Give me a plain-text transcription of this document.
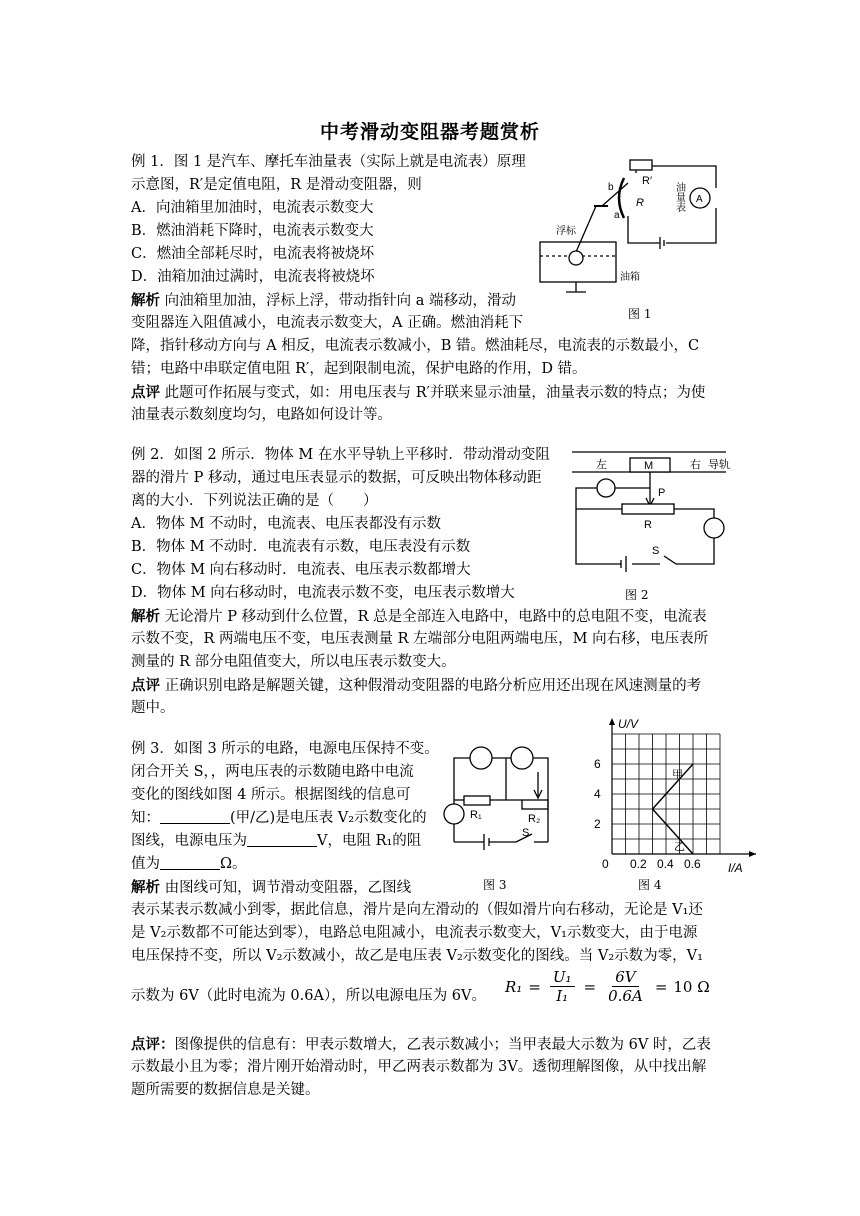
中考滑动变阻器考题赏析
例 1．图 1 是汽车、摩托车油量表（实际上就是电流表）原理
示意图，R′是定值电阻，R 是滑动变阻器，则
A．向油箱里加油时，电流表示数变大
B．燃油消耗下降时，电流表示数变大
C．燃油全部耗尽时，电流表将被烧坏
D．油箱加油过满时，电流表将被烧坏
解析 向油箱里加油，浮标上浮，带动指针向 a 端移动，滑动
变阻器连入阻值减小，电流表示数变大，A 正确。燃油消耗下
降，指针移动方向与 A 相反，电流表示数减小，B 错。燃油耗尽，电流表的示数最小，C
错；电路中串联定值电阻 R′，起到限制电流，保护电路的作用，D 错。
点评 此题可作拓展与变式，如：用电压表与 R′并联来显示油量，油量表示数的特点；为使
油量表示数刻度均匀，电路如何设计等。
R′
R
b
a
浮标
油箱
油量表 A
图 1
例 2．如图 2 所示．物体 M 在水平导轨上平移时．带动滑动变阻
器的滑片 P 移动，通过电压表显示的数据，可反映出物体移动距
离的大小．下列说法正确的是（　　）
A．物体 M 不动时，电流表、电压表都没有示数
B．物体 M 不动时．电流表有示数，电压表没有示数
C．物体 M 向右移动时．电流表、电压表示数都增大
D．物体 M 向右移动时，电流表示数不变，电压表示数增大
解析 无论滑片 P 移动到什么位置，R 总是全部连入电路中，电路中的总电阻不变，电流表
示数不变，R 两端电压不变，电压表测量 R 左端部分电阻两端电压，M 向右移，电压表所
测量的 R 部分电阻值变大，所以电压表示数变大。
点评 正确识别电路是解题关键，这种假滑动变阻器的电路分析应用还出现在风速测量的考
题中。
左	M	右 导轨
P
R
S
图 2
例 3．如图 3 所示的电路，电源电压保持不变。
闭合开关 S，，两电压表的示数随电路中电流
变化的图线如图 4 所示。根据图线的信息可
知：	(甲/乙)是电压表 V₂示数变化的
图线，电源电压为	V，电阻 R₁的阻
值为	Ω。
解析 由图线可知，调节滑动变阻器，乙图线
表示某表示数减小到零，据此信息，滑片是向左滑动的（假如滑片向右移动，无论是 V₁还
是 V₂示数都不可能达到零），电路总电阻减小，电流表示数变大，V₁示数变大，由于电源
电压保持不变，所以 V₂示数减小，故乙是电压表 V₂示数变化的图线。当 V₂示数为零，V₁
示数为 6V（此时电流为 0.6A），所以电源电压为 6V。
$R_1 = \frac{\text{U₁}}{\text{I₁}} = \frac{6V}{0.6A} = 10$ Ω
点评：图像提供的信息有：甲表示数增大，乙表示数减小；当甲表最大示数为 6V 时，乙表
示数最小且为零；滑片刚开始滑动时，甲乙两表示数都为 3V。透彻理解图像，从中找出解
题所需要的数据信息是关键。
R₁	R₂
S
图 3
6
4
2
0.2 0.4 0.6
U/V
I/A
0
甲
乙
图 4
